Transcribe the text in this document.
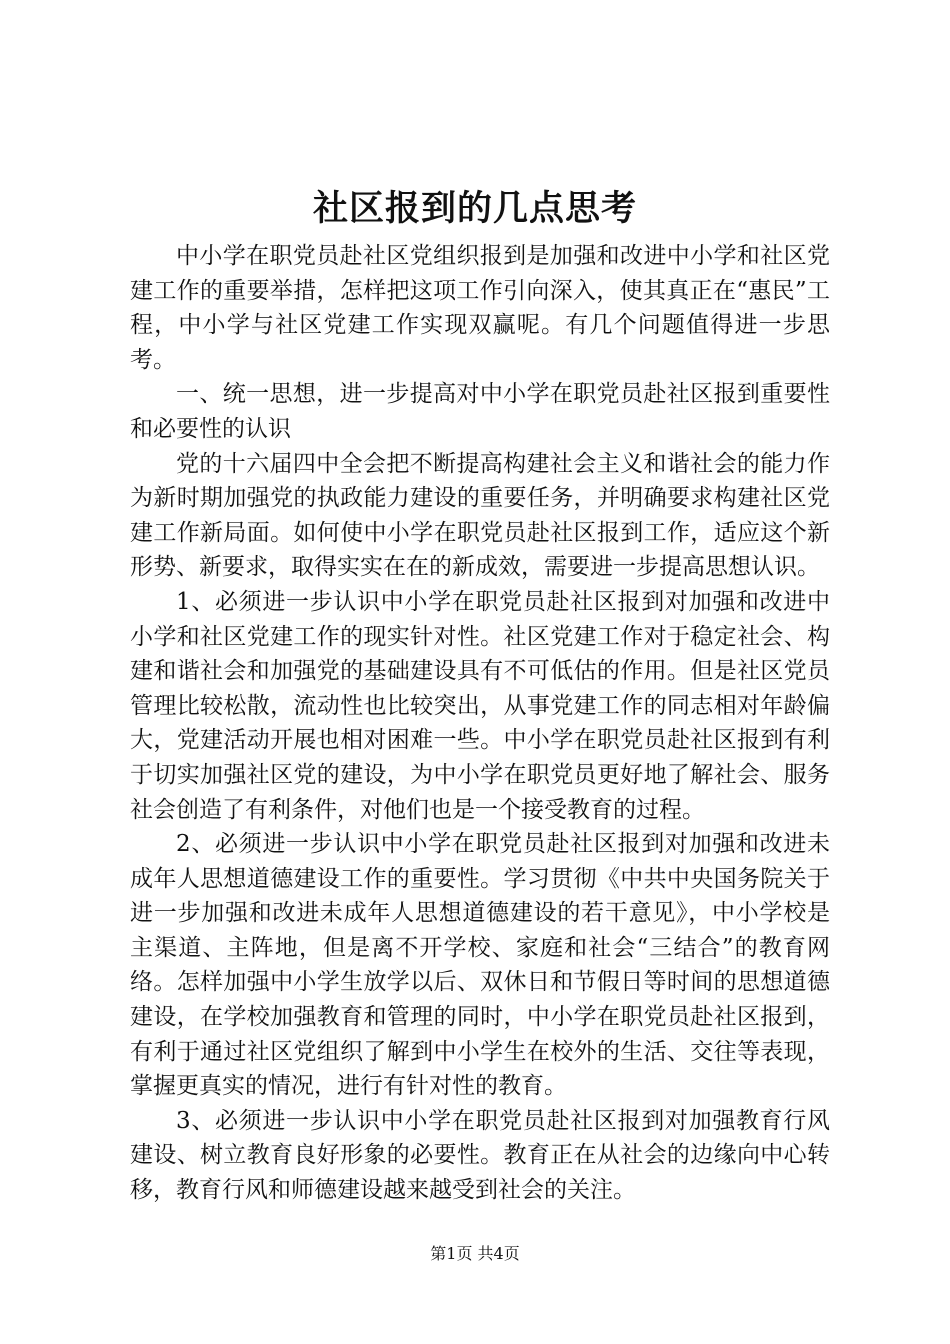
社区报到的几点思考

中小学在职党员赴社区党组织报到是加强和改进中小学和社区党建工作的重要举措，怎样把这项工作引向深入，使其真正在“惠民”工程，中小学与社区党建工作实现双赢呢。有几个问题值得进一步思考。

一、统一思想，进一步提高对中小学在职党员赴社区报到重要性和必要性的认识

党的十六届四中全会把不断提高构建社会主义和谐社会的能力作为新时期加强党的执政能力建设的重要任务，并明确要求构建社区党建工作新局面。如何使中小学在职党员赴社区报到工作，适应这个新形势、新要求，取得实实在在的新成效，需要进一步提高思想认识。

1、必须进一步认识中小学在职党员赴社区报到对加强和改进中小学和社区党建工作的现实针对性。社区党建工作对于稳定社会、构建和谐社会和加强党的基础建设具有不可低估的作用。但是社区党员管理比较松散，流动性也比较突出，从事党建工作的同志相对年龄偏大，党建活动开展也相对困难一些。中小学在职党员赴社区报到有利于切实加强社区党的建设，为中小学在职党员更好地了解社会、服务社会创造了有利条件，对他们也是一个接受教育的过程。

2、必须进一步认识中小学在职党员赴社区报到对加强和改进未成年人思想道德建设工作的重要性。学习贯彻《中共中央国务院关于进一步加强和改进未成年人思想道德建设的若干意见》，中小学校是主渠道、主阵地，但是离不开学校、家庭和社会“三结合”的教育网络。怎样加强中小学生放学以后、双休日和节假日等时间的思想道德建设，在学校加强教育和管理的同时，中小学在职党员赴社区报到，有利于通过社区党组织了解到中小学生在校外的生活、交往等表现，掌握更真实的情况，进行有针对性的教育。

3、必须进一步认识中小学在职党员赴社区报到对加强教育行风建设、树立教育良好形象的必要性。教育正在从社会的边缘向中心转移，教育行风和师德建设越来越受到社会的关注。

第1页 共4页
